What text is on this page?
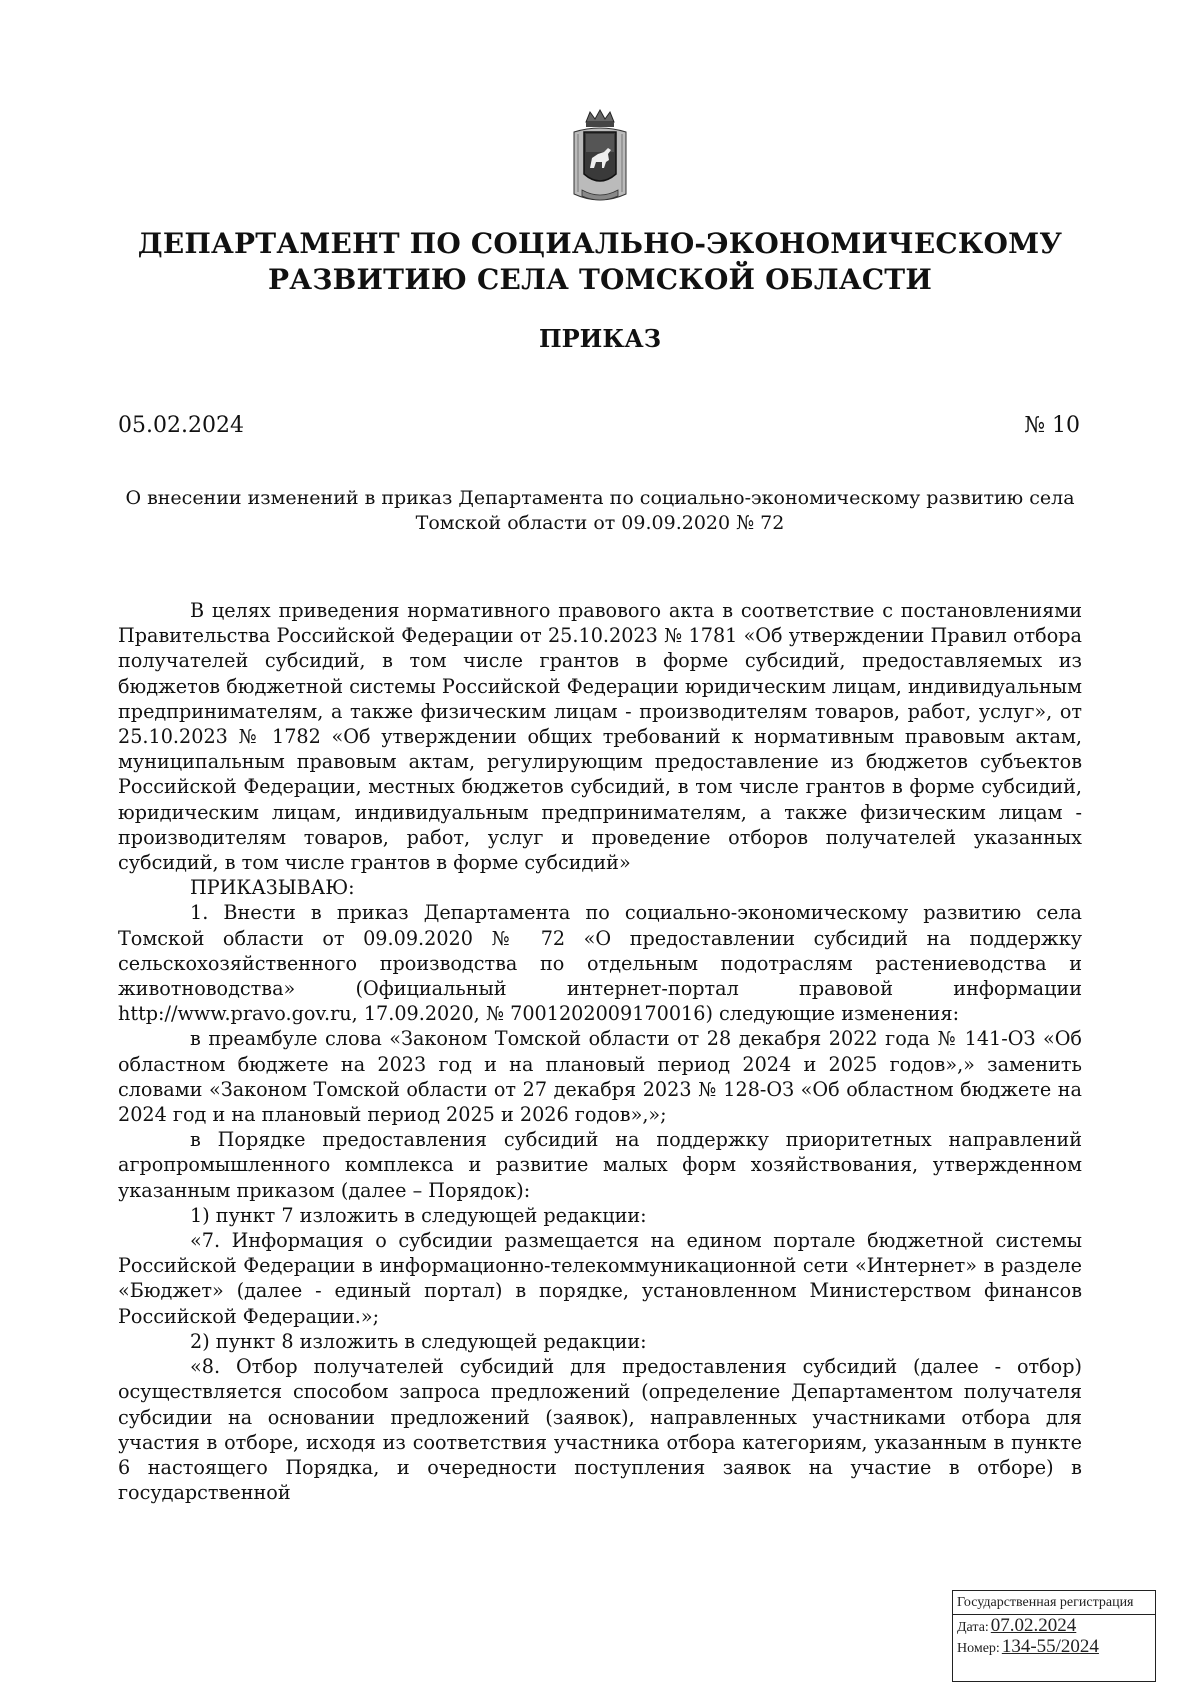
ДЕПАРТАМЕНТ ПО СОЦИАЛЬНО-ЭКОНОМИЧЕСКОМУ
РАЗВИТИЮ СЕЛА ТОМСКОЙ ОБЛАСТИ
ПРИКАЗ
05.02.2024	№ 10
О внесении изменений в приказ Департамента по социально-экономическому развитию села
Томской области от 09.09.2020 № 72

В целях приведения нормативного правового акта в соответствие с постановлениями Правительства Российской Федерации от 25.10.2023 № 1781 «Об утверждении Правил отбора получателей субсидий, в том числе грантов в форме субсидий, предоставляемых из бюджетов бюджетной системы Российской Федерации юридическим лицам, индивидуальным предпринимателям, а также физическим лицам - производителям товаров, работ, услуг», от 25.10.2023 № 1782 «Об утверждении общих требований к нормативным правовым актам, муниципальным правовым актам, регулирующим предоставление из бюджетов субъектов Российской Федерации, местных бюджетов субсидий, в том числе грантов в форме субсидий, юридическим лицам, индивидуальным предпринимателям, а также физическим лицам - производителям товаров, работ, услуг и проведение отборов получателей указанных субсидий, в том числе грантов в форме субсидий»

ПРИКАЗЫВАЮ:

1. Внести в приказ Департамента по социально-экономическому развитию села Томской области от 09.09.2020 № 72 «О предоставлении субсидий на поддержку сельскохозяйственного производства по отдельным подотраслям растениеводства и животноводства» (Официальный интернет-портал правовой информации http://www.pravo.gov.ru, 17.09.2020, № 7001202009170016) следующие изменения:

в преамбуле слова «Законом Томской области от 28 декабря 2022 года № 141-ОЗ «Об областном бюджете на 2023 год и на плановый период 2024 и 2025 годов»,» заменить словами «Законом Томской области от 27 декабря 2023 № 128-ОЗ «Об областном бюджете на 2024 год и на плановый период 2025 и 2026 годов»,»;

в Порядке предоставления субсидий на поддержку приоритетных направлений агропромышленного комплекса и развитие малых форм хозяйствования, утвержденном указанным приказом (далее – Порядок):

1) пункт 7 изложить в следующей редакции:

«7. Информация о субсидии размещается на едином портале бюджетной системы Российской Федерации в информационно-телекоммуникационной сети «Интернет» в разделе «Бюджет» (далее - единый портал) в порядке, установленном Министерством финансов Российской Федерации.»;

2) пункт 8 изложить в следующей редакции:

«8. Отбор получателей субсидий для предоставления субсидий (далее - отбор) осуществляется способом запроса предложений (определение Департаментом получателя субсидии на основании предложений (заявок), направленных участниками отбора для участия в отборе, исходя из соответствия участника отбора категориям, указанным в пункте 6 настоящего Порядка, и очередности поступления заявок на участие в отборе) в государственной

Государственная регистрация
Дата: 07.02.2024
Номер: 134-55/2024
